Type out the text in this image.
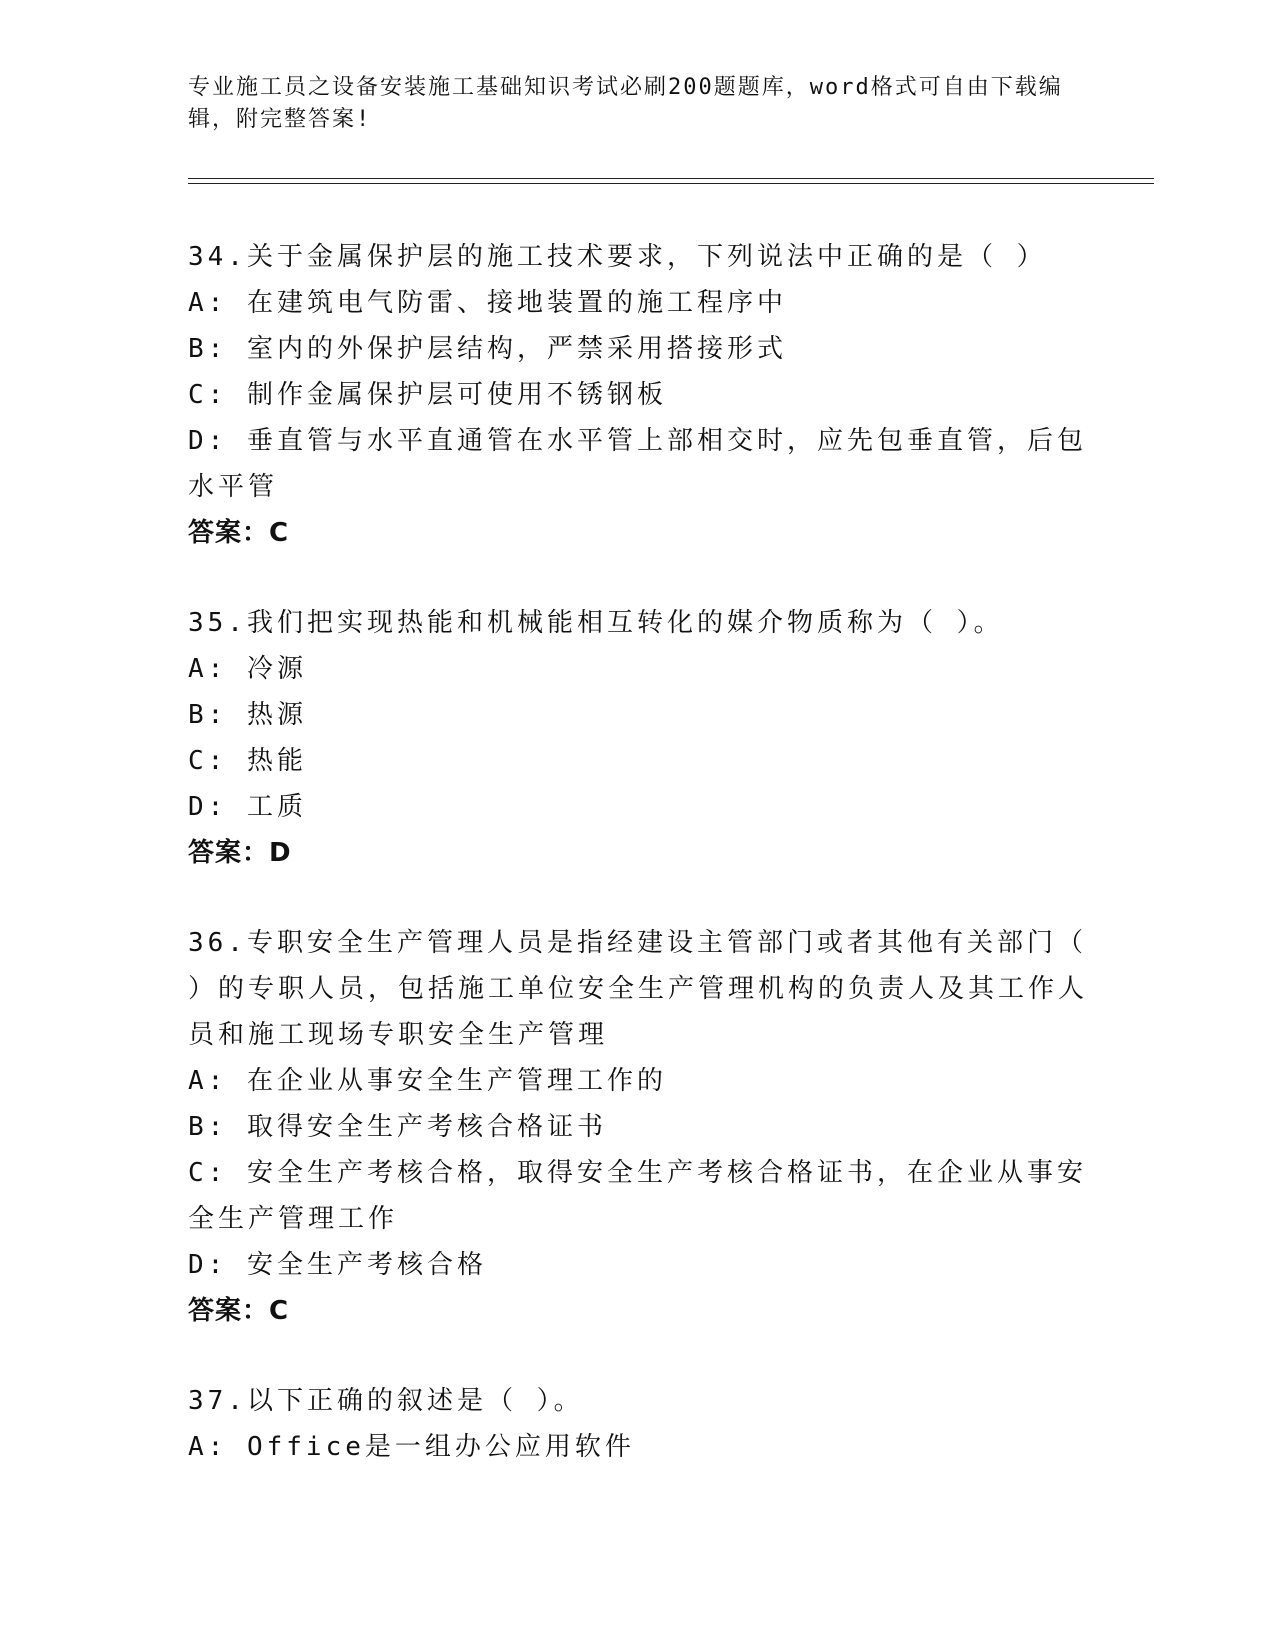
专业施工员之设备安装施工基础知识考试必刷200题题库，word格式可自由下载编辑，附完整答案!
34.关于金属保护层的施工技术要求，下列说法中正确的是（ ）
A: 在建筑电气防雷、接地装置的施工程序中
B: 室内的外保护层结构，严禁采用搭接形式
C: 制作金属保护层可使用不锈钢板
D: 垂直管与水平直通管在水平管上部相交时，应先包垂直管，后包水平管
答案：C
35.我们把实现热能和机械能相互转化的媒介物质称为（ ）。
A: 冷源
B: 热源
C: 热能
D: 工质
答案：D
36.专职安全生产管理人员是指经建设主管部门或者其他有关部门（ ）的专职人员，包括施工单位安全生产管理机构的负责人及其工作人员和施工现场专职安全生产管理
A: 在企业从事安全生产管理工作的
B: 取得安全生产考核合格证书
C: 安全生产考核合格，取得安全生产考核合格证书，在企业从事安全生产管理工作
D: 安全生产考核合格
答案：C
37.以下正确的叙述是（ ）。
A: Office是一组办公应用软件
